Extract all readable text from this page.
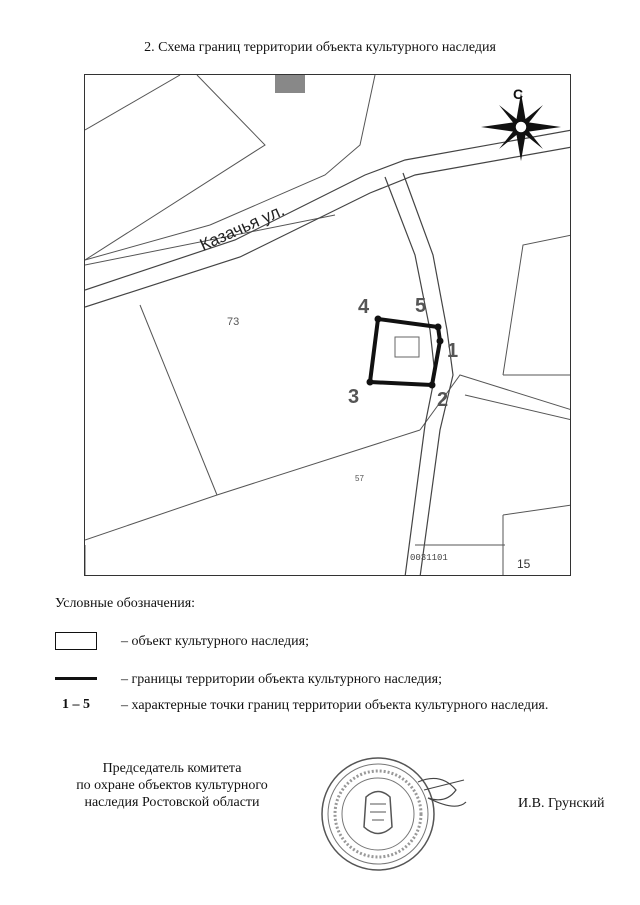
2. Схема границ территории объекта культурного наследия
Казачья ул.
73
57
15
0031101
С
1
2
3
4 5
Условные обозначения:
– объект культурного наследия;
– границы территории объекта культурного наследия;
1 – 5	– характерные точки границ территории объекта культурного наследия.
Председатель комитета
по охране объектов культурного
наследия Ростовской области	И.В. Грунский
